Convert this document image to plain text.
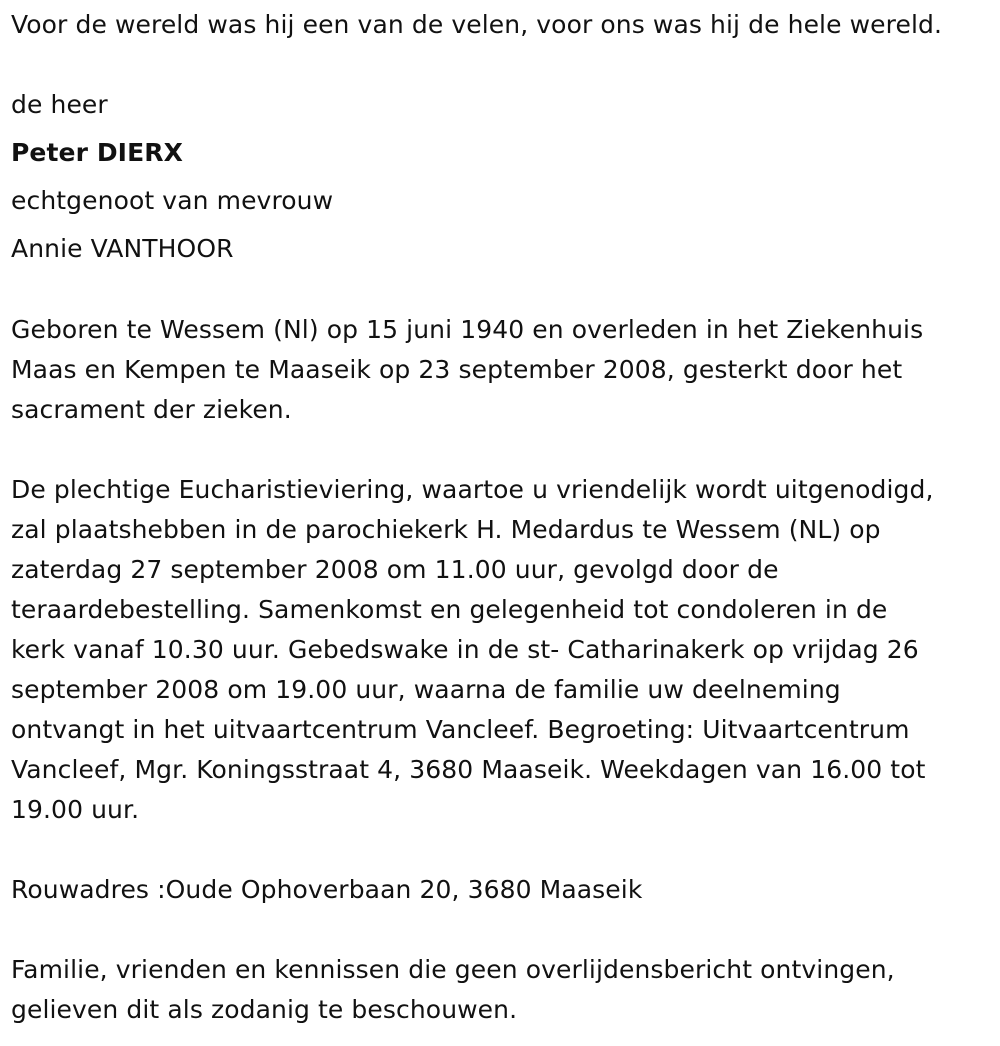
Voor de wereld was hij een van de velen, voor ons was hij de hele wereld.
de heer
Peter DIERX
echtgenoot van mevrouw
Annie VANTHOOR
Geboren te Wessem (Nl) op 15 juni 1940 en overleden in het Ziekenhuis
Maas en Kempen te Maaseik op 23 september 2008, gesterkt door het
sacrament der zieken.
De plechtige Eucharistieviering, waartoe u vriendelijk wordt uitgenodigd,
zal plaatshebben in de parochiekerk H. Medardus te Wessem (NL) op
zaterdag 27 september 2008 om 11.00 uur, gevolgd door de
teraardebestelling. Samenkomst en gelegenheid tot condoleren in de
kerk vanaf 10.30 uur. Gebedswake in de st- Catharinakerk op vrijdag 26
september 2008 om 19.00 uur, waarna de familie uw deelneming
ontvangt in het uitvaartcentrum Vancleef. Begroeting: Uitvaartcentrum
Vancleef, Mgr. Koningsstraat 4, 3680 Maaseik. Weekdagen van 16.00 tot
19.00 uur.
Rouwadres :Oude Ophoverbaan 20, 3680 Maaseik
Familie, vrienden en kennissen die geen overlijdensbericht ontvingen,
gelieven dit als zodanig te beschouwen.
